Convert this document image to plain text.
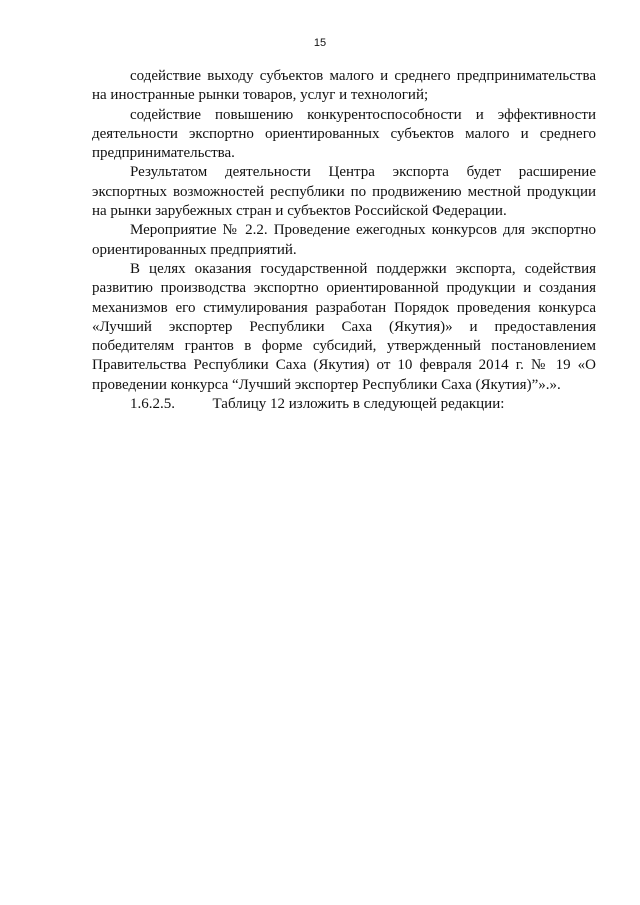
15

содействие выходу субъектов малого и среднего предпринимательства на иностранные рынки товаров, услуг и технологий;

содействие повышению конкурентоспособности и эффективности деятельности экспортно ориентированных субъектов малого и среднего предпринимательства.

Результатом деятельности Центра экспорта будет расширение экспортных возможностей республики по продвижению местной продукции на рынки зарубежных стран и субъектов Российской Федерации.

Мероприятие № 2.2. Проведение ежегодных конкурсов для экспортно ориентированных предприятий.

В целях оказания государственной поддержки экспорта, содействия развитию производства экспортно ориентированной продукции и создания механизмов его стимулирования разработан Порядок проведения конкурса «Лучший экспортер Республики Саха (Якутия)» и предоставления победителям грантов в форме субсидий, утвержденный постановлением Правительства Республики Саха (Якутия) от 10 февраля 2014 г. № 19 «О проведении конкурса “Лучший экспортер Республики Саха (Якутия)”».».

1.6.2.5.	Таблицу 12 изложить в следующей редакции:
